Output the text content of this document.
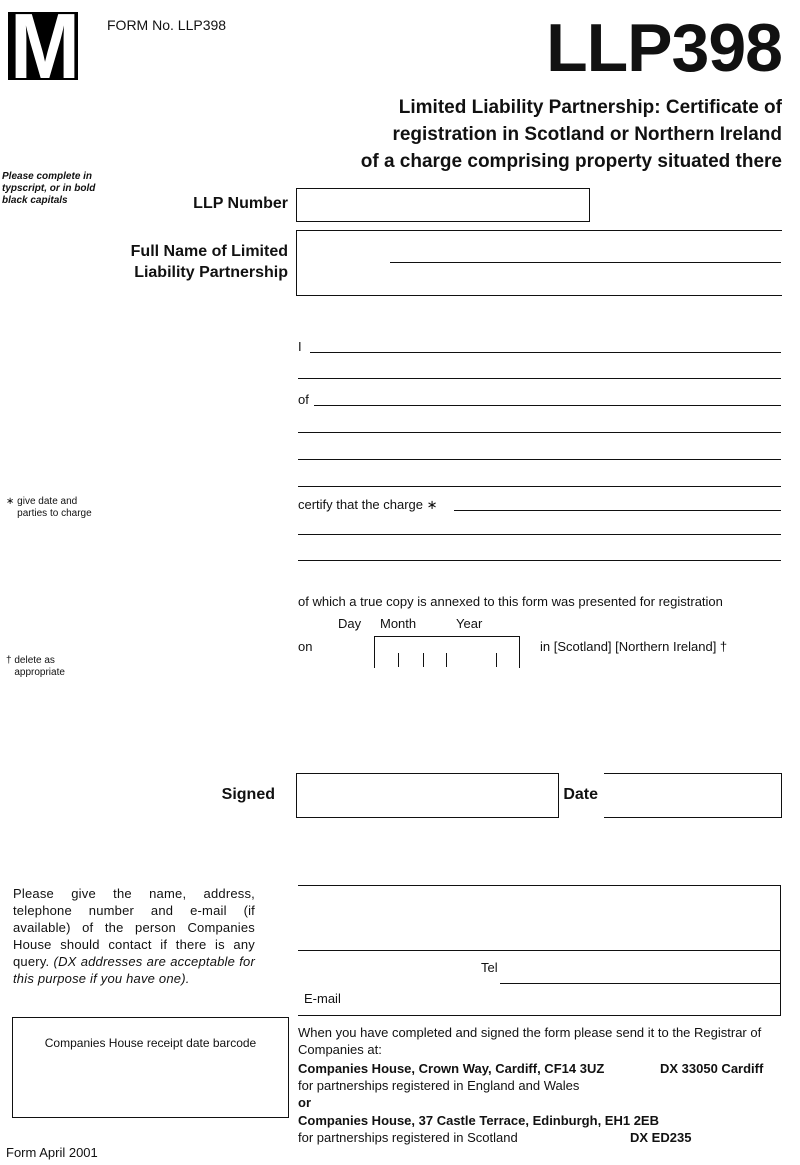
M FORM No. LLP398	LLP398
Limited Liability Partnership: Certificate of
registration in Scotland or Northern Ireland
of a charge comprising property situated there
Please complete in typscript, or in bold black capitals	LLP Number
Full Name of Limited
Liability Partnership
I
of
∗ give date and parties to charge
certify that the charge ∗
of which a true copy is annexed to this form was presented for registration
Day Month	Year
on	in [Scotland] [Northern Ireland] †
† delete as appropriate
Signed	Date
Please give the name, address, telephone number and e-mail (if available) of the person Companies House should contact if there is any query. (DX addresses are acceptable for this purpose if you have one).
Tel
E-mail
Companies House receipt date barcode
When you have completed and signed the form please send it to the Registrar of Companies at:
Companies House, Crown Way, Cardiff, CF14 3UZ	DX 33050 Cardiff
for partnerships registered in England and Wales
or
Companies House, 37 Castle Terrace, Edinburgh, EH1 2EB
for partnerships registered in Scotland	DX ED235
Form April 2001
